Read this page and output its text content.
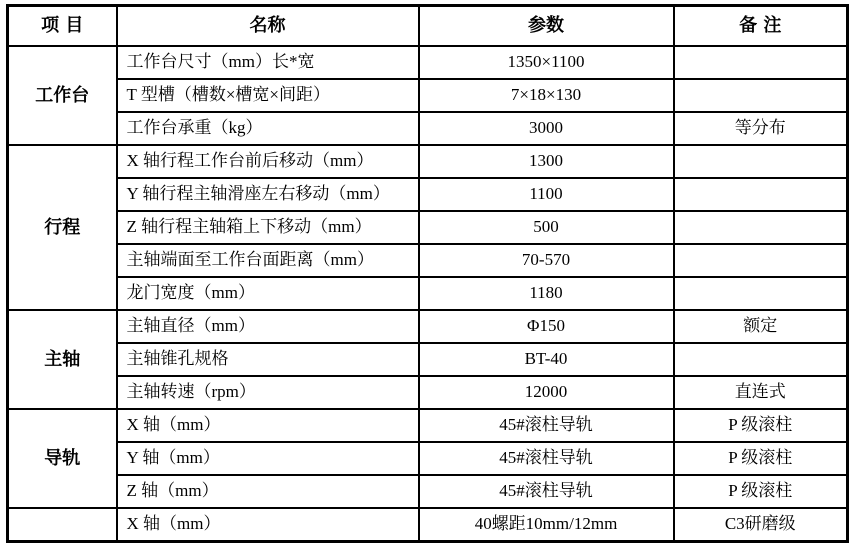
项 目	名称	参数	备 注
工作台	工作台尺寸（mm）长*宽	1350×1100	
	T 型槽（槽数×槽宽×间距）	7×18×130	
	工作台承重（kg）	3000	等分布
行程	X 轴行程工作台前后移动（mm）	1300	
	Y 轴行程主轴滑座左右移动（mm）	1100	
	Z 轴行程主轴箱上下移动（mm）	500	
	主轴端面至工作台面距离（mm）	70-570	
	龙门宽度（mm）	1180	
主轴	主轴直径（mm）	Φ150	额定
	主轴锥孔规格	BT-40	
	主轴转速（rpm）	12000	直连式
导轨	X 轴（mm）	45#滚柱导轨	P 级滚柱
	Y 轴（mm）	45#滚柱导轨	P 级滚柱
	Z 轴（mm）	45#滚柱导轨	P 级滚柱
	X 轴（mm）	40螺距10mm/12mm	C3研磨级
